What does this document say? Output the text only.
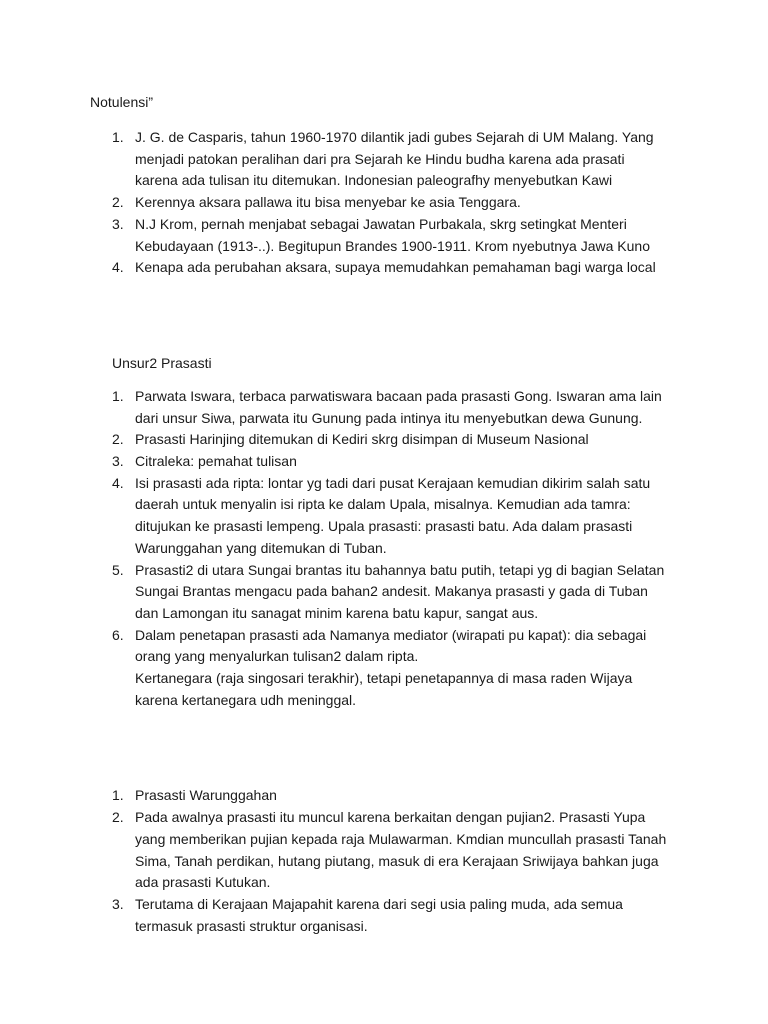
Notulensi”

1. J. G. de Casparis, tahun 1960-1970 dilantik jadi gubes Sejarah di UM Malang. Yang menjadi patokan peralihan dari pra Sejarah ke Hindu budha karena ada prasati karena ada tulisan itu ditemukan. Indonesian paleografhy menyebutkan Kawi
2. Kerennya aksara pallawa itu bisa menyebar ke asia Tenggara.
3. N.J Krom, pernah menjabat sebagai Jawatan Purbakala, skrg setingkat Menteri Kebudayaan (1913-..). Begitupun Brandes 1900-1911. Krom nyebutnya Jawa Kuno
4. Kenapa ada perubahan aksara, supaya memudahkan pemahaman bagi warga local

Unsur2 Prasasti

1. Parwata Iswara, terbaca parwatiswara bacaan pada prasasti Gong. Iswaran ama lain dari unsur Siwa, parwata itu Gunung pada intinya itu menyebutkan dewa Gunung.
2. Prasasti Harinjing ditemukan di Kediri skrg disimpan di Museum Nasional
3. Citraleka: pemahat tulisan
4. Isi prasasti ada ripta: lontar yg tadi dari pusat Kerajaan kemudian dikirim salah satu daerah untuk menyalin isi ripta ke dalam Upala, misalnya. Kemudian ada tamra: ditujukan ke prasasti lempeng. Upala prasasti: prasasti batu. Ada dalam prasasti Warunggahan yang ditemukan di Tuban.
5. Prasasti2 di utara Sungai brantas itu bahannya batu putih, tetapi yg di bagian Selatan Sungai Brantas mengacu pada bahan2 andesit. Makanya prasasti y gada di Tuban dan Lamongan itu sanagat minim karena batu kapur, sangat aus.
6. Dalam penetapan prasasti ada Namanya mediator (wirapati pu kapat): dia sebagai orang yang menyalurkan tulisan2 dalam ripta.
Kertanegara (raja singosari terakhir), tetapi penetapannya di masa raden Wijaya karena kertanegara udh meninggal.
1. Prasasti Warunggahan
2. Pada awalnya prasasti itu muncul karena berkaitan dengan pujian2. Prasasti Yupa yang memberikan pujian kepada raja Mulawarman. Kmdian muncullah prasasti Tanah Sima, Tanah perdikan, hutang piutang, masuk di era Kerajaan Sriwijaya bahkan juga ada prasasti Kutukan.
3. Terutama di Kerajaan Majapahit karena dari segi usia paling muda, ada semua termasuk prasasti struktur organisasi.
